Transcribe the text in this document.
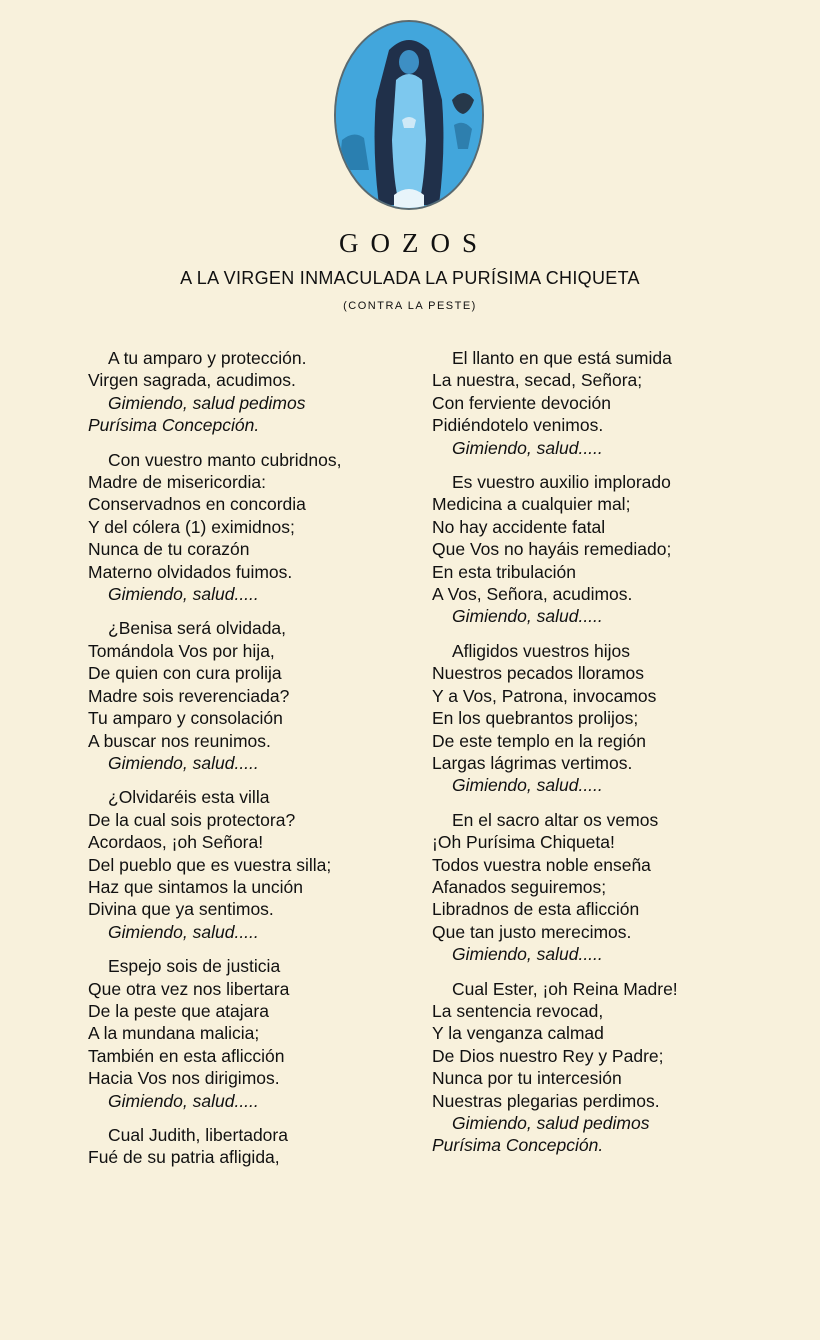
GOZOS
A LA VIRGEN INMACULADA LA PURÍSIMA CHIQUETA
(CONTRA LA PESTE)
A tu amparo y protección.
Virgen sagrada, acudimos.
Gimiendo, salud pedimos
Purísima Concepción.
Con vuestro manto cubridnos,
Madre de misericordia:
Conservadnos en concordia
Y del cólera (1) eximidnos;
Nunca de tu corazón
Materno olvidados fuimos.
Gimiendo, salud.....
¿Benisa será olvidada,
Tomándola Vos por hija,
De quien con cura prolija
Madre sois reverenciada?
Tu amparo y consolación
A buscar nos reunimos.
Gimiendo, salud.....
¿Olvidaréis esta villa
De la cual sois protectora?
Acordaos, ¡oh Señora!
Del pueblo que es vuestra silla;
Haz que sintamos la unción
Divina que ya sentimos.
Gimiendo, salud.....
Espejo sois de justicia
Que otra vez nos libertara
De la peste que atajara
A la mundana malicia;
También en esta aflicción
Hacia Vos nos dirigimos.
Gimiendo, salud.....
Cual Judith, libertadora
Fué de su patria afligida,
El llanto en que está sumida
La nuestra, secad, Señora;
Con ferviente devoción
Pidiéndotelo venimos.
Gimiendo, salud.....
Es vuestro auxilio implorado
Medicina a cualquier mal;
No hay accidente fatal
Que Vos no hayáis remediado;
En esta tribulación
A Vos, Señora, acudimos.
Gimiendo, salud.....
Afligidos vuestros hijos
Nuestros pecados lloramos
Y a Vos, Patrona, invocamos
En los quebrantos prolijos;
De este templo en la región
Largas lágrimas vertimos.
Gimiendo, salud.....
En el sacro altar os vemos
¡Oh Purísima Chiqueta!
Todos vuestra noble enseña
Afanados seguiremos;
Libradnos de esta aflicción
Que tan justo merecimos.
Gimiendo, salud.....
Cual Ester, ¡oh Reina Madre!
La sentencia revocad,
Y la venganza calmad
De Dios nuestro Rey y Padre;
Nunca por tu intercesión
Nuestras plegarias perdimos.
Gimiendo, salud pedimos
Purísima Concepción.
